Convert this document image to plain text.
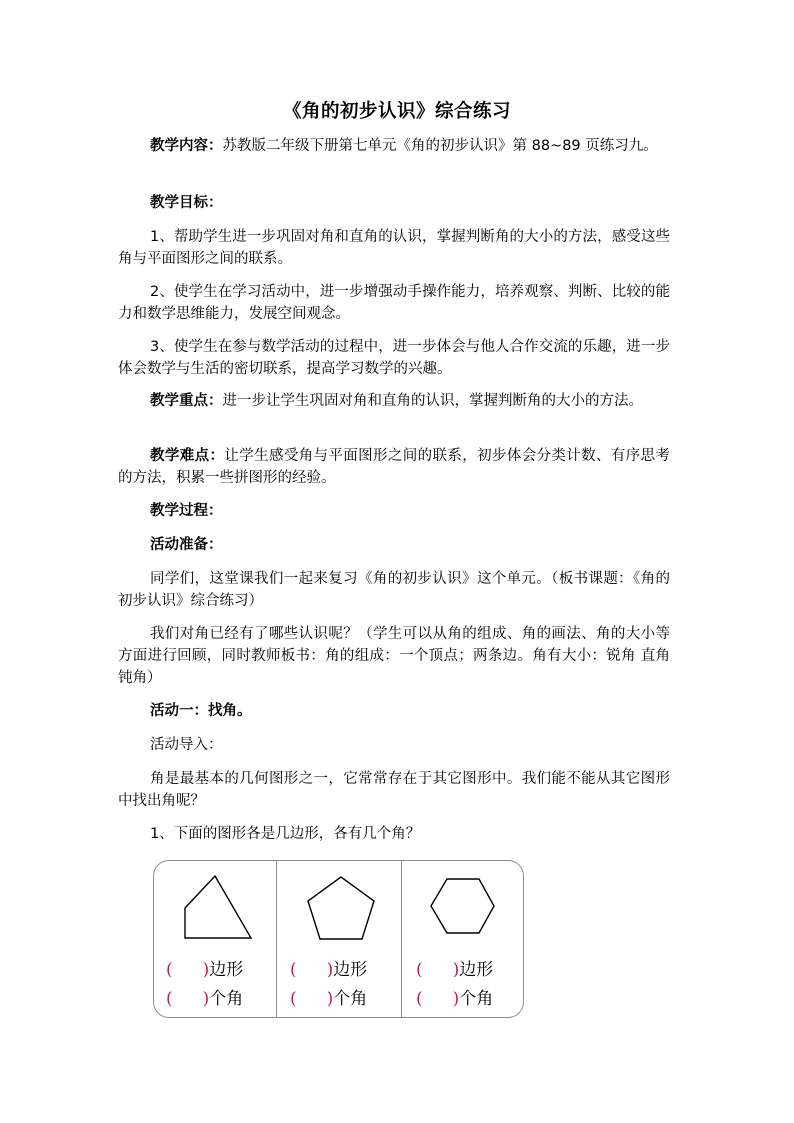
《角的初步认识》综合练习

教学内容：苏教版二年级下册第七单元《角的初步认识》第 88~89 页练习九。

教学目标：

1、帮助学生进一步巩固对角和直角的认识，掌握判断角的大小的方法，感受这些角与平面图形之间的联系。

2、使学生在学习活动中，进一步增强动手操作能力，培养观察、判断、比较的能力和数学思维能力，发展空间观念。

3、使学生在参与数学活动的过程中，进一步体会与他人合作交流的乐趣，进一步体会数学与生活的密切联系，提高学习数学的兴趣。

教学重点：进一步让学生巩固对角和直角的认识，掌握判断角的大小的方法。

教学难点：让学生感受角与平面图形之间的联系，初步体会分类计数、有序思考的方法，积累一些拼图形的经验。

教学过程：

活动准备：

同学们，这堂课我们一起来复习《角的初步认识》这个单元。（板书课题：《角的初步认识》综合练习）

我们对角已经有了哪些认识呢？（学生可以从角的组成、角的画法、角的大小等方面进行回顾，同时教师板书：角的组成：一个顶点；两条边。角有大小：锐角 直角 钝角）

活动一：找角。

活动导入：

角是最基本的几何图形之一，它常常存在于其它图形中。我们能不能从其它图形中找出角呢？

1、下面的图形各是几边形，各有几个角？

( )边形
( )个角
( )边形
( )个角
( )边形
( )个角
